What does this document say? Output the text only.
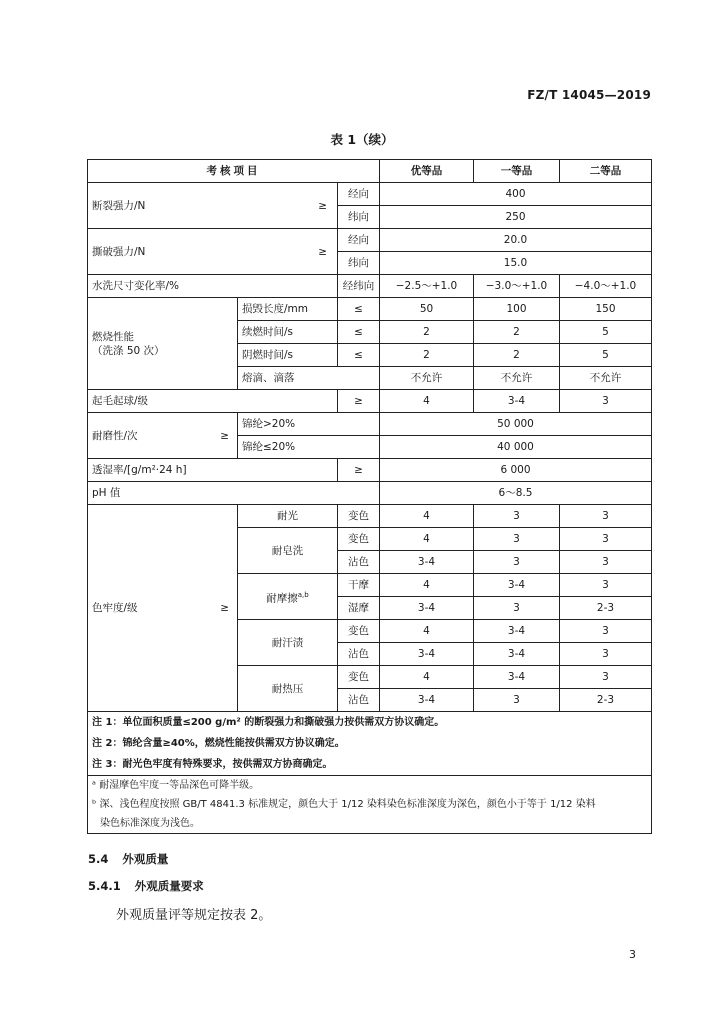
FZ/T 14045—2019
表 1（续）
考核项目			优等品	一等品	二等品
断裂强力/N ≥		经向	400		
		纬向	250		
撕破强力/N ≥		经向	20.0		
		纬向	15.0		
水洗尺寸变化率/%		经纬向	−2.5～+1.0	−3.0～+1.0	−4.0～+1.0

燃烧性能
（洗涤 50 次）	损毁长度/mm	≤	50	100	150
	续燃时间/s	≤	2	2	5
	阴燃时间/s	≤	2	2	5
	熔滴、滴落		不允许	不允许	不允许
起毛起球/级		≥	4	3-4	3
耐磨性/次 ≥	锦纶>20%		50 000		
	锦纶≤20%		40 000		
透湿率/[g/m²·24 h]		≥	6 000		
pH 值			6～8.5		
色牢度/级 ≥	耐光	变色	4	3	3
	耐皂洗	变色	4	3	3
		沾色	3-4	3	3
	耐摩擦$^{a,b}$	干摩	4	3-4	3
		湿摩	3-4	3	2-3
	耐汗渍	变色	4	3-4	3
		沾色	3-4	3-4	3
	耐热压	变色	4	3-4	3
		沾色	3-4	3	2-3

注 1：单位面积质量≤200 g/m² 的断裂强力和撕破强力按供需双方协议确定。
注 2：锦纶含量≥40%，燃烧性能按供需双方协议确定。
注 3：耐光色牢度有特殊要求，按供需双方协商确定。					

ᵃ 耐湿摩色牢度一等品深色可降半级。
ᵇ 深、浅色程度按照 GB/T 4841.3 标准规定，颜色大于 1/12 染料染色标准深度为深色，颜色小于等于 1/12 染料
染色标准深度为浅色。					
5.4 外观质量
5.4.1 外观质量要求
外观质量评等规定按表 2。
3
